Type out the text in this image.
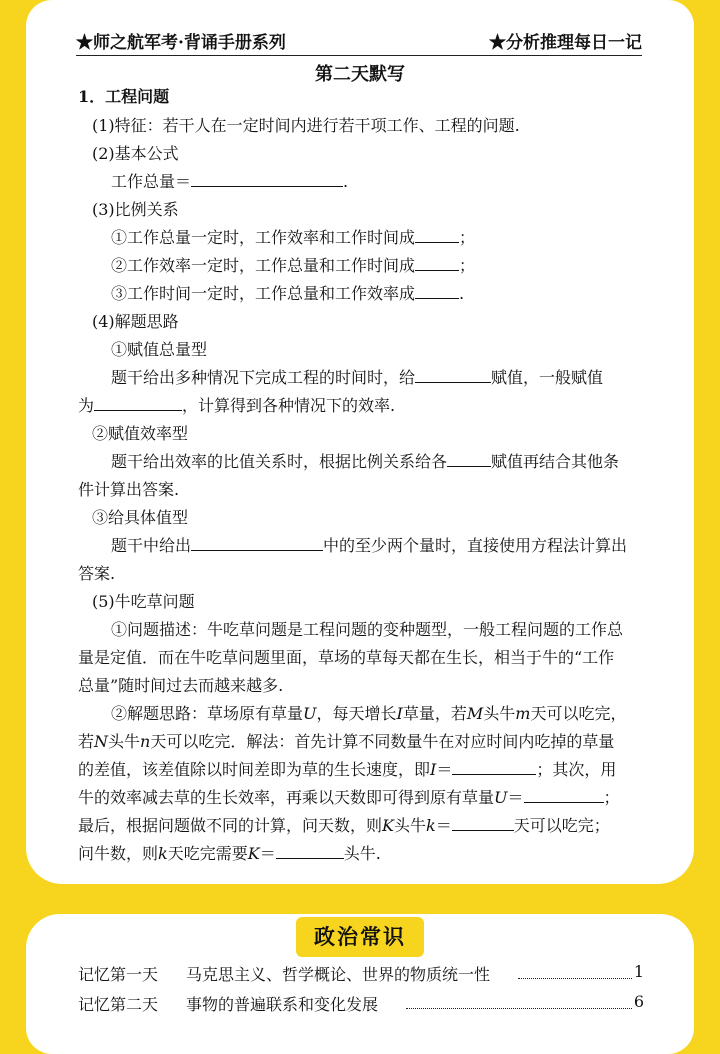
★师之航军考·背诵手册系列	★分析推理每日一记
第二天默写
1．工程问题
(1)特征：若干人在一定时间内进行若干项工作、工程的问题.
(2)基本公式
工作总量＝	.
(3)比例关系
①工作总量一定时，工作效率和工作时间成	；
②工作效率一定时，工作总量和工作时间成	；
③工作时间一定时，工作总量和工作效率成	.
(4)解题思路
①赋值总量型
题干给出多种情况下完成工程的时间时，给	赋值，一般赋值
为	，计算得到各种情况下的效率.
②赋值效率型
题干给出效率的比值关系时，根据比例关系给各	赋值再结合其他条
件计算出答案.
③给具体值型
题干中给出	中的至少两个量时，直接使用方程法计算出
答案.
(5)牛吃草问题
①问题描述：牛吃草问题是工程问题的变种题型，一般工程问题的工作总
量是定值．而在牛吃草问题里面，草场的草每天都在生长，相当于牛的“工作
总量”随时间过去而越来越多.
②解题思路：草场原有草量U，每天增长I草量，若M头牛m天可以吃完，
若N头牛n天可以吃完．解法：首先计算不同数量牛在对应时间内吃掉的草量
的差值，该差值除以时间差即为草的生长速度，即I＝	；其次，用
牛的效率减去草的生长效率，再乘以天数即可得到原有草量U＝	；
最后，根据问题做不同的计算，问天数，则K头牛k＝	天可以吃完；
问牛数，则k天吃完需要K＝	头牛.
政治常识
记忆第一天 马克思主义、哲学概论、世界的物质统一性	1
记忆第二天 事物的普遍联系和变化发展	6
